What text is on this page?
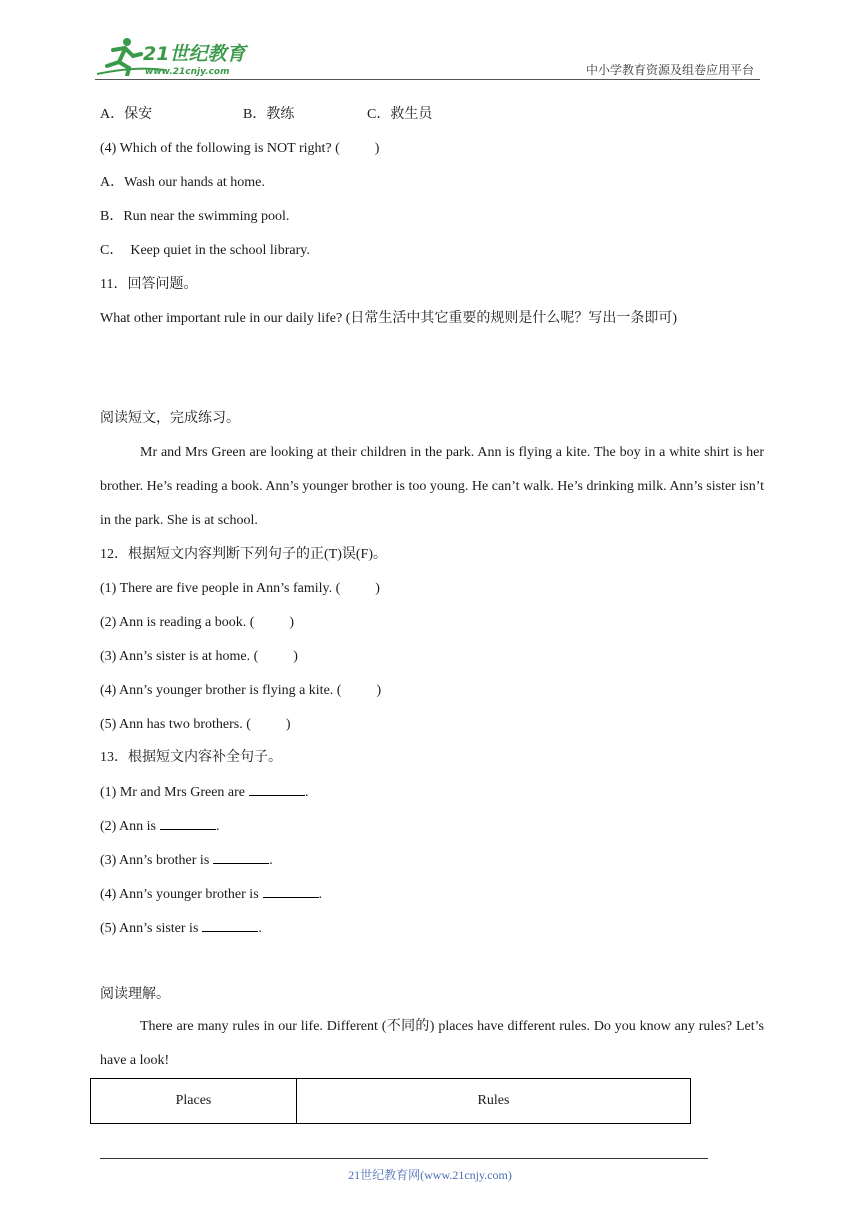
21世纪教育
www.21cnjy.com	中小学教育资源及组卷应用平台
A．保安	B．教练	C．救生员
(4) Which of the following is NOT right? (          )
A．Wash our hands at home.
B．Run near the swimming pool.
C．  Keep quiet in the school library.
11．回答问题。
What other important rule in our daily life? (日常生活中其它重要的规则是什么呢？写出一条即可)
阅读短文，完成练习。
Mr and Mrs Green are looking at their children in the park. Ann is flying a kite. The boy in a white shirt is her brother. He’s reading a book. Ann’s younger brother is too young. He can’t walk. He’s drinking milk. Ann’s sister isn’t in the park. She is at school.
12．根据短文内容判断下列句子的正(T)误(F)。
(1) There are five people in Ann’s family. (          )
(2) Ann is reading a book. (          )
(3) Ann’s sister is at home. (          )
(4) Ann’s younger brother is flying a kite. (          )
(5) Ann has two brothers. (          )
13．根据短文内容补全句子。
(1) Mr and Mrs Green are	.
(2) Ann is	.
(3) Ann’s brother is	.
(4) Ann’s younger brother is	.
(5) Ann’s sister is	.
阅读理解。
There are many rules in our life. Different (不同的) places have different rules. Do you know any rules? Let’s have a look!
Places	Rules
21世纪教育网(www.21cnjy.com)
